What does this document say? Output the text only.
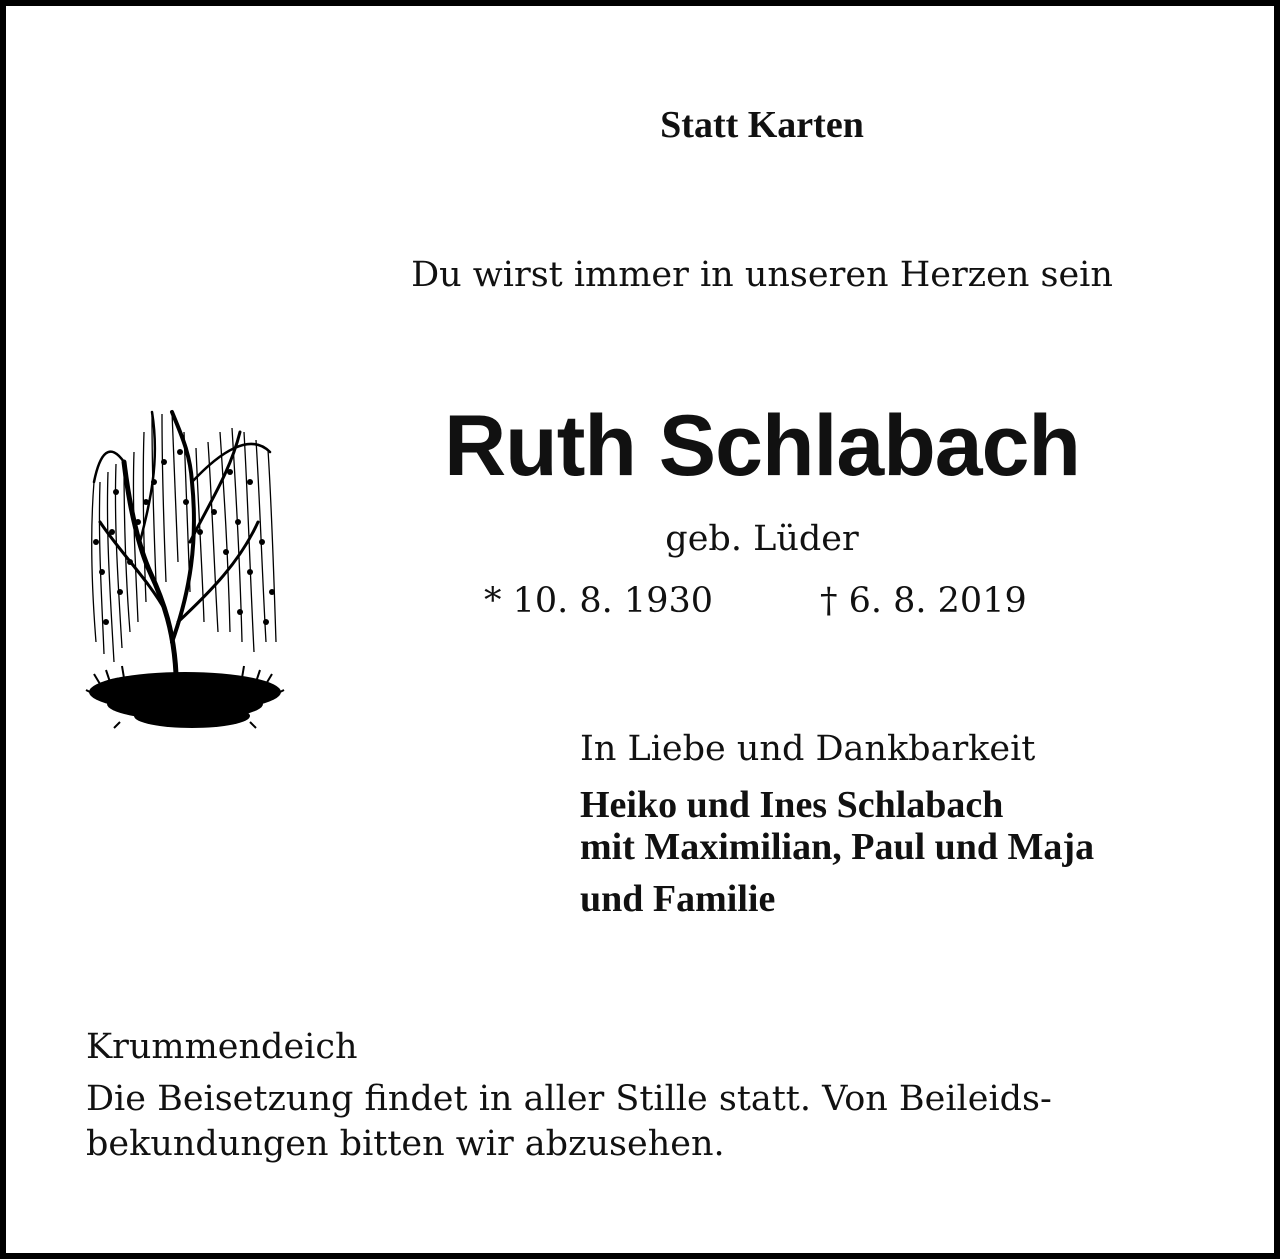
Statt Karten
Du wirst immer in unseren Herzen sein
Ruth Schlabach
geb. Lüder
* 10. 8. 1930	† 6. 8. 2019
In Liebe und Dankbarkeit
Heiko und Ines Schlabach
mit Maximilian, Paul und Maja
und Familie
Krummendeich
Die Beisetzung findet in aller Stille statt. Von Beileids-
bekundungen bitten wir abzusehen.
